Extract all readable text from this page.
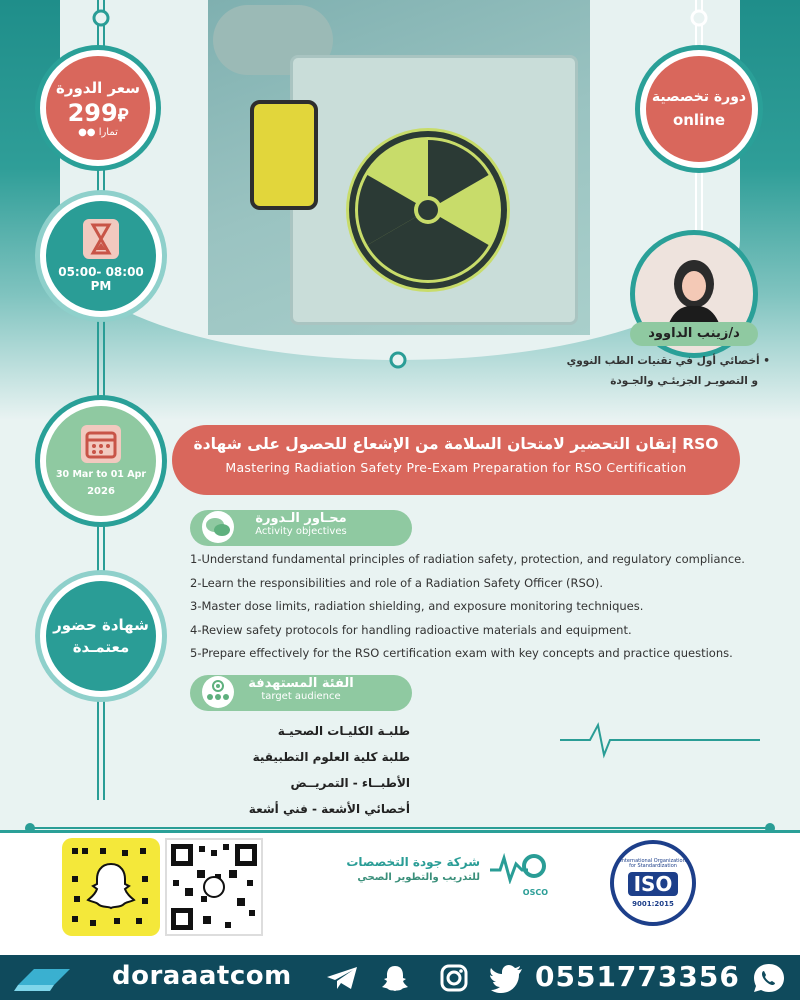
سعر الدورة
299⃁
●● تمارا
دورة تخصصية
online
05:00- 08:00 PM
30 Mar to 01 Apr
2026
شهادة حضور
معتمـدة
د/زينب الداوود
أخصائي أول في تقنيات الطب النووي •
و التصويـر الجزيئـي والجـودة
إتقان التحضير لامتحان السلامة من الإشعاع للحصول على شهادة RSO
Mastering Radiation Safety Pre-Exam Preparation for RSO Certification
محـاور الـدورة
Activity objectives
1-Understand fundamental principles of radiation safety, protection, and regulatory compliance.
2-Learn the responsibilities and role of a Radiation Safety Officer (RSO).
3-Master dose limits, radiation shielding, and exposure monitoring techniques.
4-Review safety protocols for handling radioactive materials and equipment.
5-Prepare effectively for the RSO certification exam with key concepts and practice questions.
الفئة المستهدفة
target audience
طلبـة الكليـات الصحيـة
طلبة كلية العلوم التطبيقية
الأطبــاء - التمريــض
أخصائي الأشعة - فني أشعة
شركة جودة التخصصات
للتدريب والتطوير الصحي
OSCO
International Organization for Standardization
ISO
9001:2015
doraaatcom	0551773356
